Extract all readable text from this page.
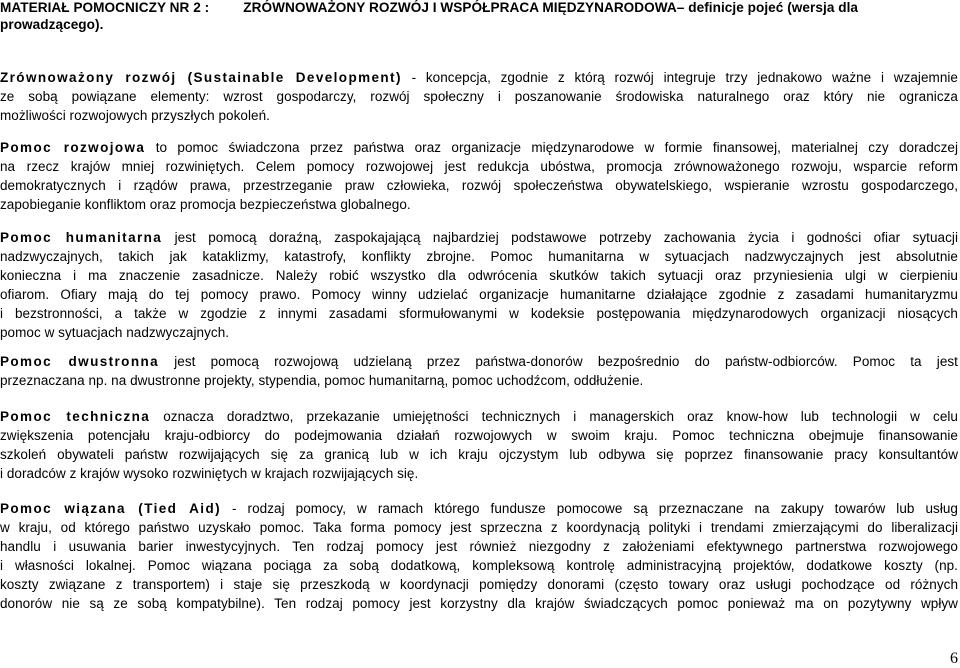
MATERIAŁ POMOCNICZY NR 2 :	ZRÓWNOWAŻONY ROZWÓJ I WSPÓŁPRACA MIĘDZYNARODOWA– definicje pojeć (wersja dla
prowadzącego).
Zrównoważony rozwój (Sustainable Development) - koncepcja, zgodnie z którą rozwój integruje trzy jednakowo ważne i wzajemnie
ze sobą powiązane elementy: wzrost gospodarczy, rozwój społeczny i poszanowanie środowiska naturalnego oraz który nie ogranicza
możliwości rozwojowych przyszłych pokoleń.
Pomoc rozwojowa to pomoc świadczona przez państwa oraz organizacje międzynarodowe w formie finansowej, materialnej czy doradczej
na rzecz krajów mniej rozwiniętych. Celem pomocy rozwojowej jest redukcja ubóstwa, promocja zrównoważonego rozwoju, wsparcie reform
demokratycznych i rządów prawa, przestrzeganie praw człowieka, rozwój społeczeństwa obywatelskiego, wspieranie wzrostu gospodarczego,
zapobieganie konfliktom oraz promocja bezpieczeństwa globalnego.
Pomoc humanitarna jest pomocą doraźną, zaspokajającą najbardziej podstawowe potrzeby zachowania życia i godności ofiar sytuacji
nadzwyczajnych, takich jak kataklizmy, katastrofy, konflikty zbrojne. Pomoc humanitarna w sytuacjach nadzwyczajnych jest absolutnie
konieczna i ma znaczenie zasadnicze. Należy robić wszystko dla odwrócenia skutków takich sytuacji oraz przyniesienia ulgi w cierpieniu
ofiarom. Ofiary mają do tej pomocy prawo. Pomocy winny udzielać organizacje humanitarne działające zgodnie z zasadami humanitaryzmu
i bezstronności, a także w zgodzie z innymi zasadami sformułowanymi w kodeksie postępowania międzynarodowych organizacji niosących
pomoc w sytuacjach nadzwyczajnych.
Pomoc dwustronna jest pomocą rozwojową udzielaną przez państwa-donorów bezpośrednio do państw-odbiorców. Pomoc ta jest
przeznaczana np. na dwustronne projekty, stypendia, pomoc humanitarną, pomoc uchodźcom, oddłużenie.
Pomoc techniczna oznacza doradztwo, przekazanie umiejętności technicznych i managerskich oraz know-how lub technologii w celu
zwiększenia potencjału kraju-odbiorcy do podejmowania działań rozwojowych w swoim kraju. Pomoc techniczna obejmuje finansowanie
szkoleń obywateli państw rozwijających się za granicą lub w ich kraju ojczystym lub odbywa się poprzez finansowanie pracy konsultantów
i doradców z krajów wysoko rozwiniętych w krajach rozwijających się.
Pomoc wiązana (Tied Aid) - rodzaj pomocy, w ramach którego fundusze pomocowe są przeznaczane na zakupy towarów lub usług
w kraju, od którego państwo uzyskało pomoc. Taka forma pomocy jest sprzeczna z koordynacją polityki i trendami zmierzającymi do liberalizacji
handlu i usuwania barier inwestycyjnych. Ten rodzaj pomocy jest również niezgodny z założeniami efektywnego partnerstwa rozwojowego
i własności lokalnej. Pomoc wiązana pociąga za sobą dodatkową, kompleksową kontrolę administracyjną projektów, dodatkowe koszty (np.
koszty związane z transportem) i staje się przeszkodą w koordynacji pomiędzy donorami (często towary oraz usługi pochodzące od różnych
donorów nie są ze sobą kompatybilne). Ten rodzaj pomocy jest korzystny dla krajów świadczących pomoc ponieważ ma on pozytywny wpływ
6
